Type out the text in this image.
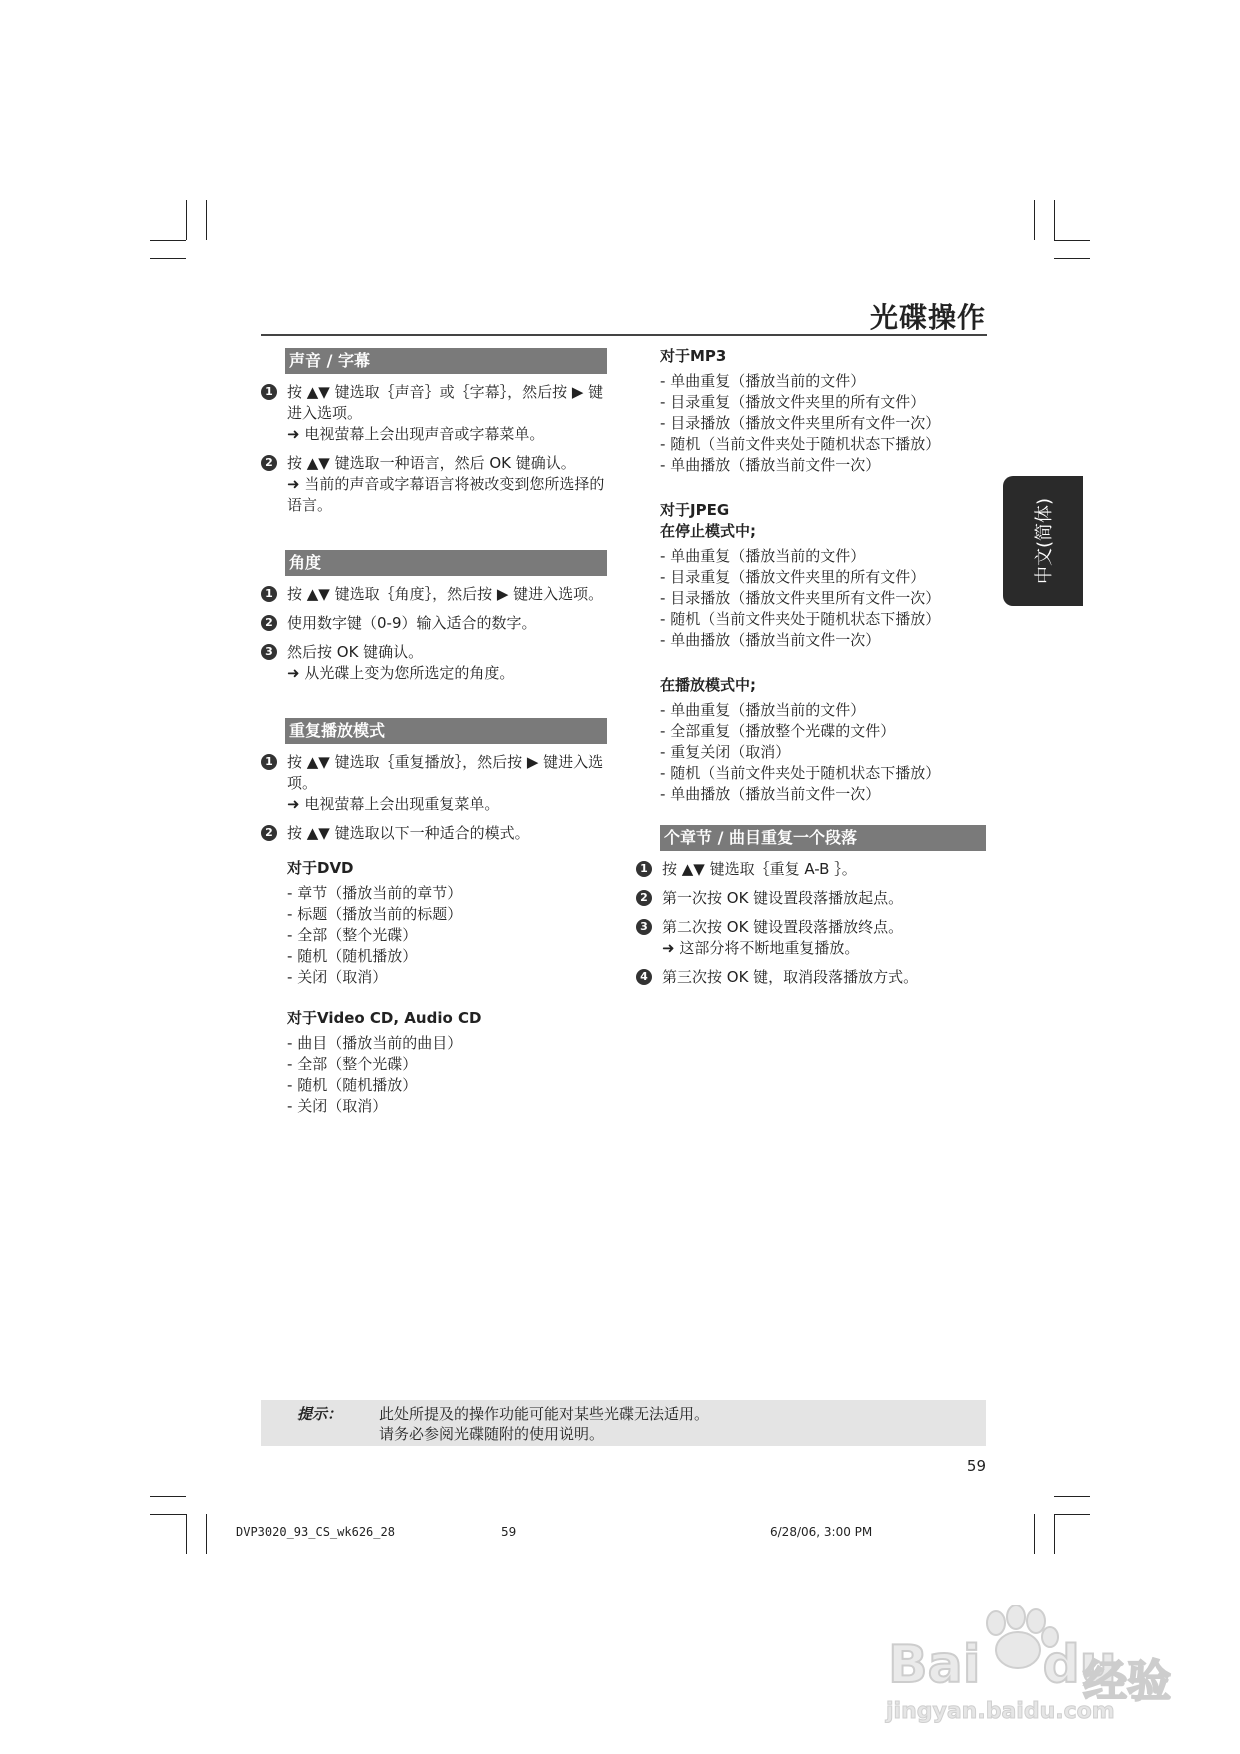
光碟操作
中文(简体)
声音 / 字幕
1 按 ▲▼ 键选取｛声音｝或｛字幕｝，然后按 ▶ 键进入选项。
➜ 电视萤幕上会出现声音或字幕菜单。
2 按 ▲▼ 键选取一种语言，然后 OK 键确认。
➜ 当前的声音或字幕语言将被改变到您所选择的语言。
角度
1 按 ▲▼ 键选取｛角度｝，然后按 ▶ 键进入选项。
2 使用数字键（0-9）输入适合的数字。
3 然后按 OK 键确认。
➜ 从光碟上变为您所选定的角度。
重复播放模式
1 按 ▲▼ 键选取｛重复播放｝，然后按 ▶ 键进入选项。
➜ 电视萤幕上会出现重复菜单。
2 按 ▲▼ 键选取以下一种适合的模式。
对于DVD
- 章节（播放当前的章节）
- 标题（播放当前的标题）
- 全部（整个光碟）
- 随机（随机播放）
- 关闭（取消）
对于Video CD, Audio CD
- 曲目（播放当前的曲目）
- 全部（整个光碟）
- 随机（随机播放）
- 关闭（取消）
对于MP3
- 单曲重复（播放当前的文件）
- 目录重复（播放文件夹里的所有文件）
- 目录播放（播放文件夹里所有文件一次）
- 随机（当前文件夹处于随机状态下播放）
- 单曲播放（播放当前文件一次）
对于JPEG
在停止模式中;
- 单曲重复（播放当前的文件）
- 目录重复（播放文件夹里的所有文件）
- 目录播放（播放文件夹里所有文件一次）
- 随机（当前文件夹处于随机状态下播放）
- 单曲播放（播放当前文件一次）
在播放模式中;
- 单曲重复（播放当前的文件）
- 全部重复（播放整个光碟的文件）
- 重复关闭（取消）
- 随机（当前文件夹处于随机状态下播放）
- 单曲播放（播放当前文件一次）
个章节 / 曲目重复一个段落
1 按 ▲▼ 键选取｛重复 A-B ｝。
2 第一次按 OK 键设置段落播放起点。
3 第二次按 OK 键设置段落播放终点。
➜ 这部分将不断地重复播放。
4 第三次按 OK 键，取消段落播放方式。
提示： 此处所提及的操作功能可能对某些光碟无法适用。
请务必参阅光碟随附的使用说明。
59
DVP3020_93_CS_wk626_28	59	6/28/06, 3:00 PM
Bai du
经验
jingyan.baidu.com
